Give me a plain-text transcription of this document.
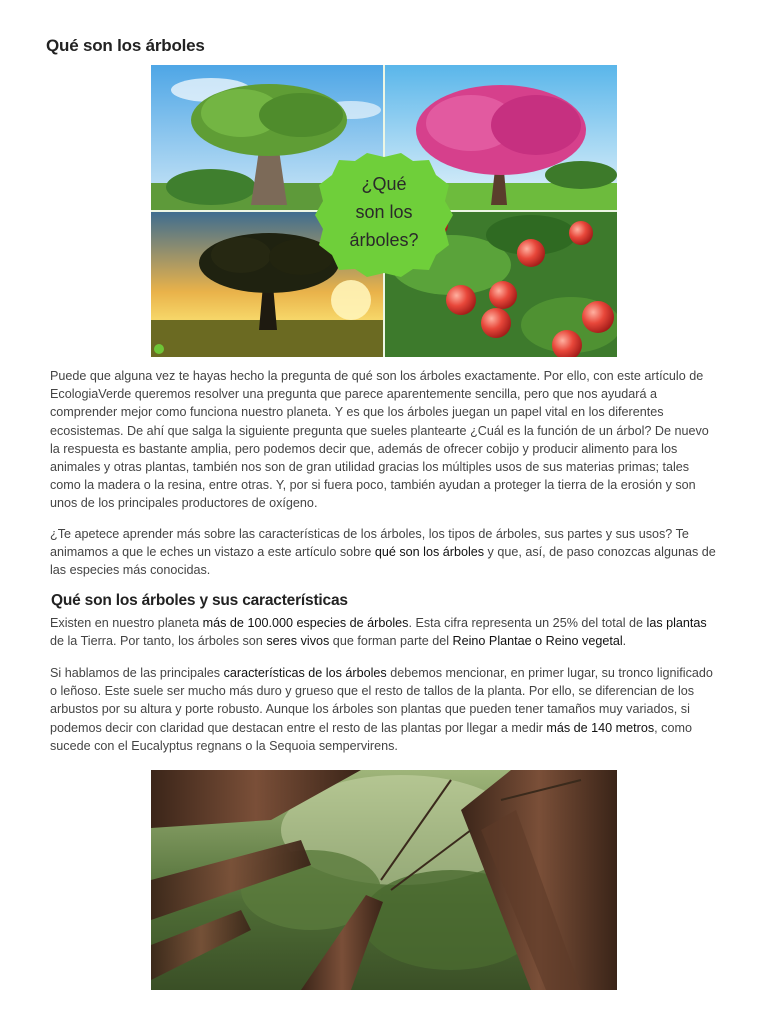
Qué son los árboles
¿Qué
son los
árboles?

Puede que alguna vez te hayas hecho la pregunta de qué son los árboles exactamente. Por ello, con este artículo de EcologiaVerde queremos resolver una pregunta que parece aparentemente sencilla, pero que nos ayudará a comprender mejor como funciona nuestro planeta. Y es que los árboles juegan un papel vital en los diferentes ecosistemas. De ahí que salga la siguiente pregunta que sueles plantearte ¿Cuál es la función de un árbol? De nuevo la respuesta es bastante amplia, pero podemos decir que, además de ofrecer cobijo y producir alimento para los animales y otras plantas, también nos son de gran utilidad gracias los múltiples usos de sus materias primas; tales como la madera o la resina, entre otras. Y, por si fuera poco, también ayudan a proteger la tierra de la erosión y son unos de los principales productores de oxígeno.

¿Te apetece aprender más sobre las características de los árboles, los tipos de árboles, sus partes y sus usos? Te animamos a que le eches un vistazo a este artículo sobre qué son los árboles y que, así, de paso conozcas algunas de las especies más conocidas.

Qué son los árboles y sus características

Existen en nuestro planeta más de 100.000 especies de árboles. Esta cifra representa un 25% del total de las plantas de la Tierra. Por tanto, los árboles son seres vivos que forman parte del Reino Plantae o Reino vegetal.

Si hablamos de las principales características de los árboles debemos mencionar, en primer lugar, su tronco lignificado o leñoso. Este suele ser mucho más duro y grueso que el resto de tallos de la planta. Por ello, se diferencian de los arbustos por su altura y porte robusto. Aunque los árboles son plantas que pueden tener tamaños muy variados, si podemos decir con claridad que destacan entre el resto de las plantas por llegar a medir más de 140 metros, como sucede con el Eucalyptus regnans o la Sequoia sempervirens.
